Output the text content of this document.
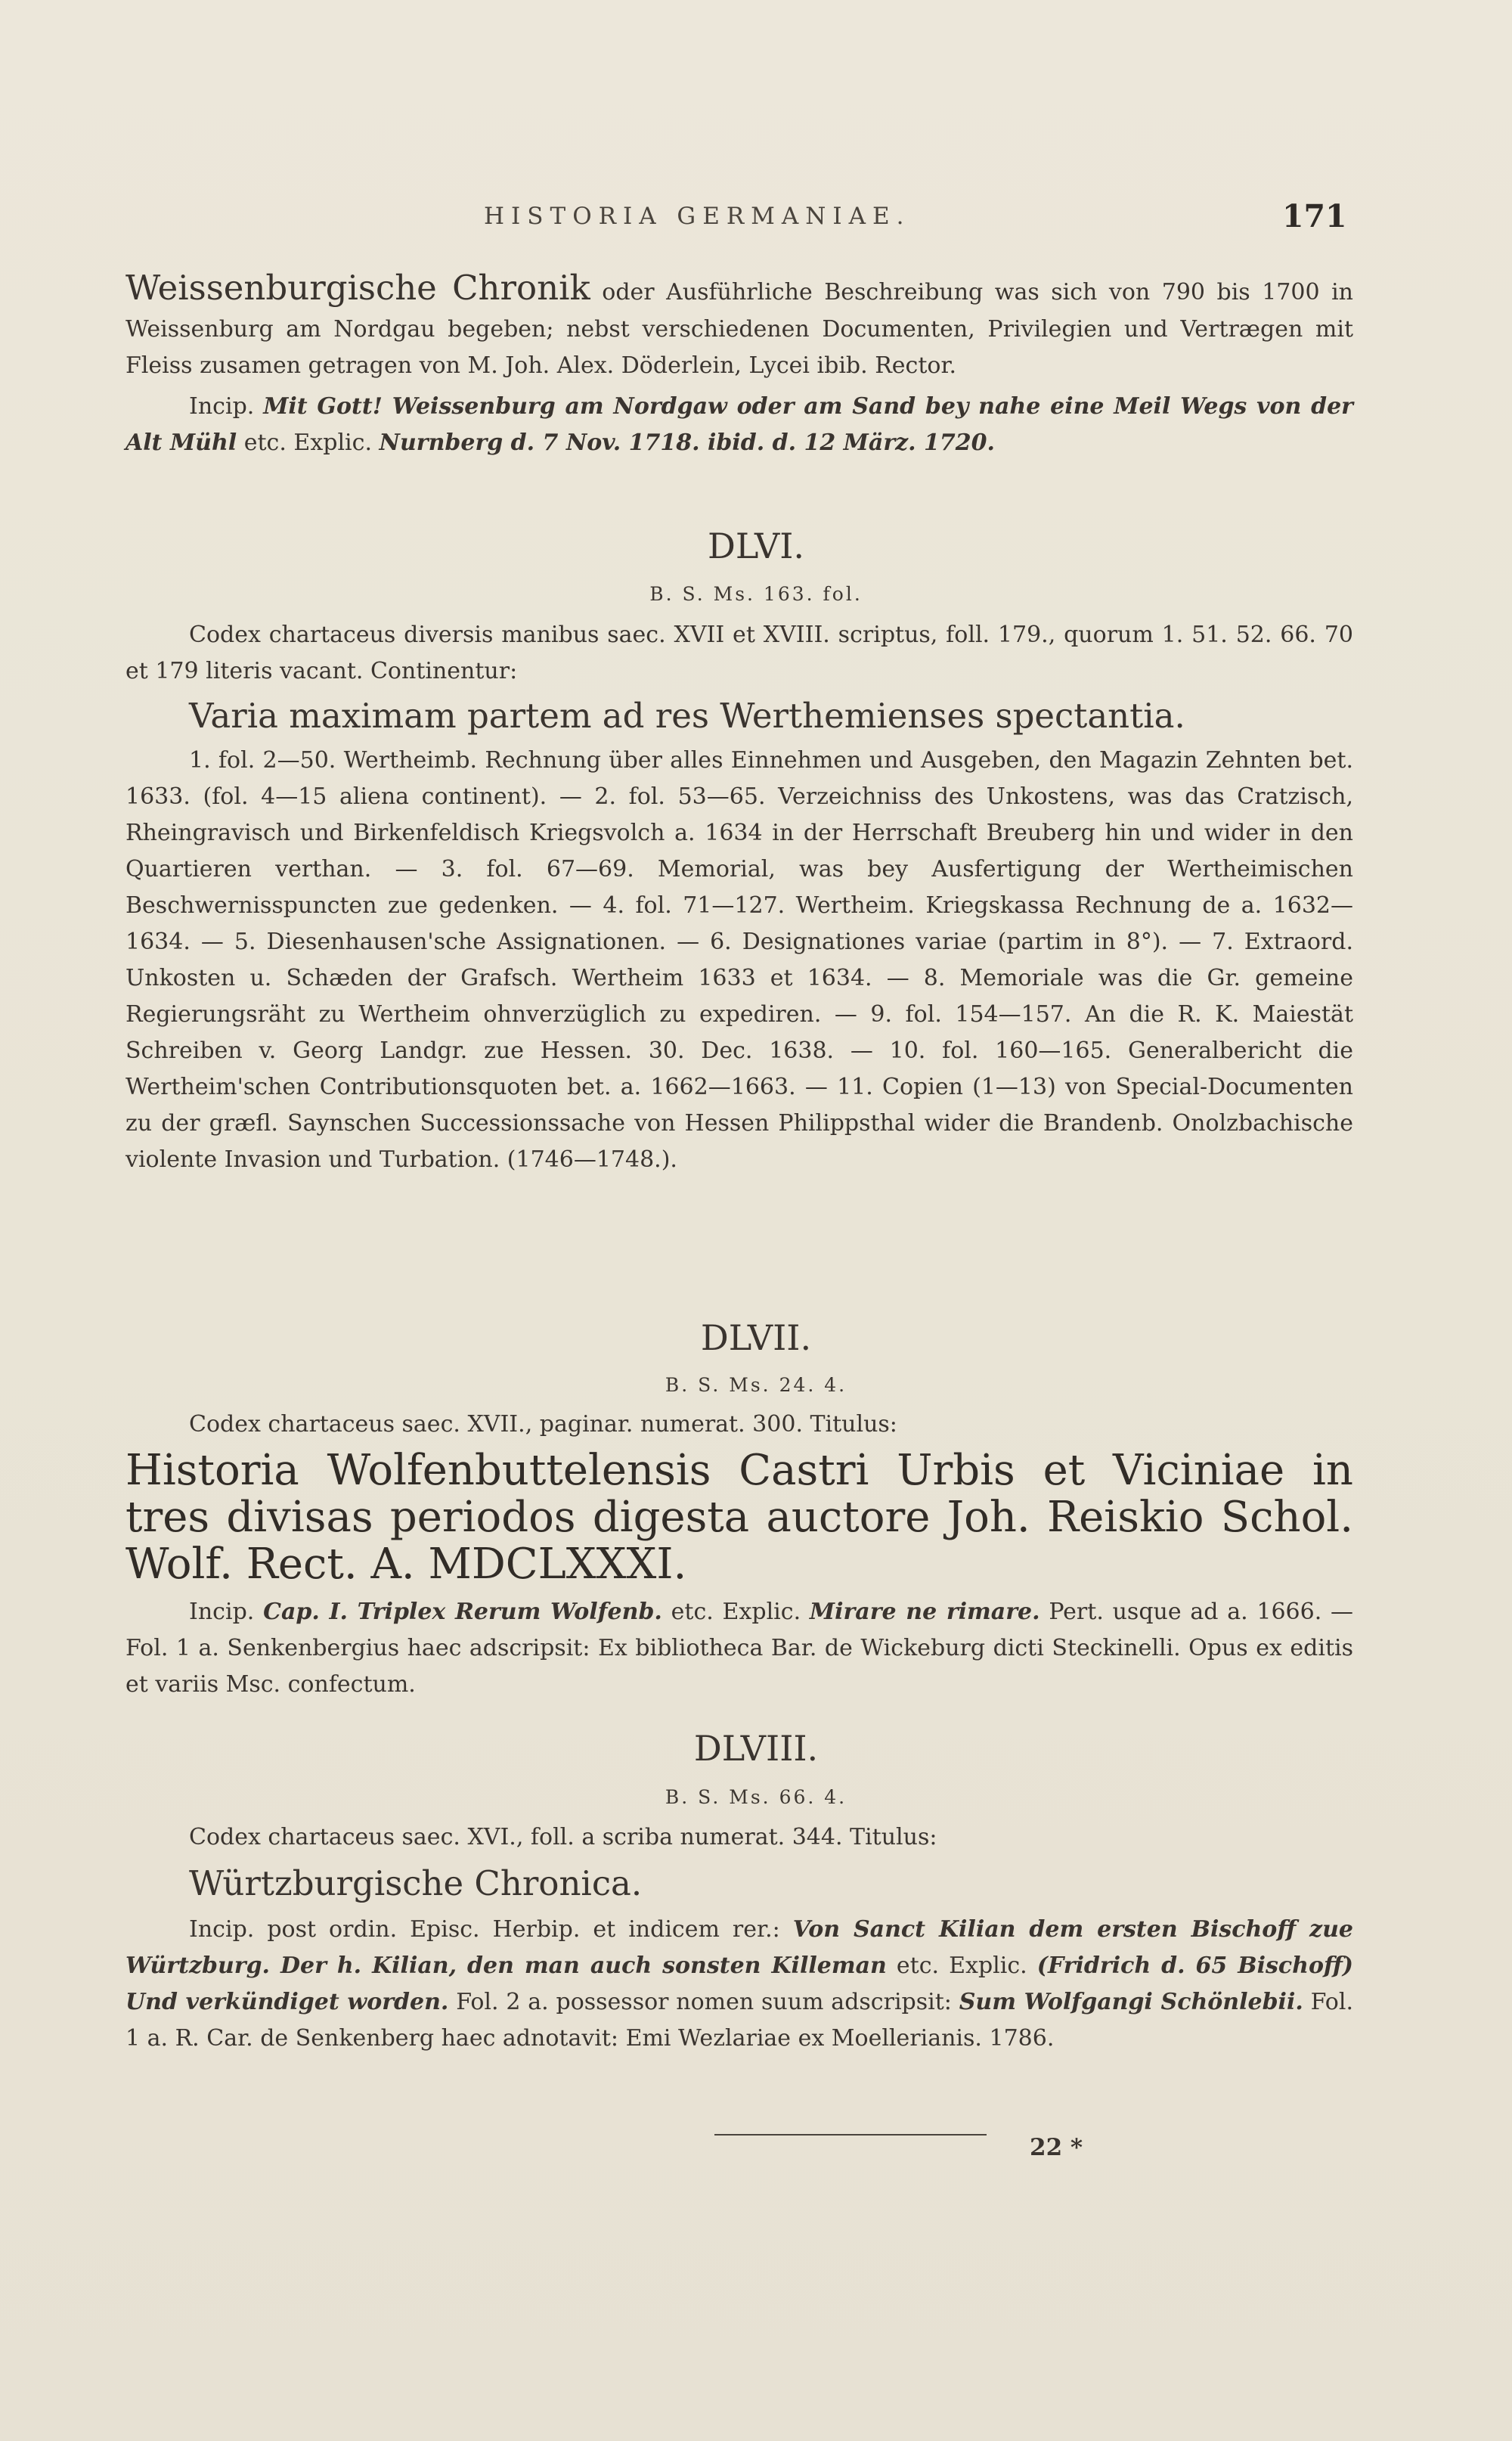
HISTORIA GERMANIAE.	171
Weissenburgische Chronik oder Ausführliche Beschreibung was sich von 790 bis 1700 in Weissenburg am Nordgau begeben; nebst verschiedenen Documenten, Privilegien und Vertrægen mit Fleiss zusamen getragen von M. Joh. Alex. Döderlein, Lycei ibib. Rector.
Incip. Mit Gott! Weissenburg am Nordgaw oder am Sand bey nahe eine Meil Wegs von der Alt Mühl etc. Explic. Nurnberg d. 7 Nov. 1718. ibid. d. 12 März. 1720.
DLVI.
B. S. Ms. 163. fol.
Codex chartaceus diversis manibus saec. XVII et XVIII. scriptus, foll. 179., quorum 1. 51. 52. 66. 70 et 179 literis vacant. Continentur:
Varia maximam partem ad res Werthemienses spectantia.
1. fol. 2—50. Wertheimb. Rechnung über alles Einnehmen und Ausgeben, den Magazin Zehnten bet. 1633. (fol. 4—15 aliena continent). — 2. fol. 53—65. Verzeichniss des Unkostens, was das Cratzisch, Rheingravisch und Birkenfeldisch Kriegsvolch a. 1634 in der Herrschaft Breuberg hin und wider in den Quartieren verthan. — 3. fol. 67—69. Memorial, was bey Ausfertigung der Wertheimischen Beschwernisspuncten zue gedenken. — 4. fol. 71—127. Wertheim. Kriegskassa Rechnung de a. 1632—1634. — 5. Diesenhausen'sche Assignationen. — 6. Designationes variae (partim in 8°). — 7. Extraord. Unkosten u. Schæden der Grafsch. Wertheim 1633 et 1634. — 8. Memoriale was die Gr. gemeine Regierungsräht zu Wertheim ohnverzüglich zu expediren. — 9. fol. 154—157. An die R. K. Maiestät Schreiben v. Georg Landgr. zue Hessen. 30. Dec. 1638. — 10. fol. 160—165. Generalbericht die Wertheim'schen Contributionsquoten bet. a. 1662—1663. — 11. Copien (1—13) von Special-Documenten zu der græfl. Saynschen Successionssache von Hessen Philippsthal wider die Brandenb. Onolzbachische violente Invasion und Turbation. (1746—1748.).
DLVII.
B. S. Ms. 24. 4.
Codex chartaceus saec. XVII., paginar. numerat. 300. Titulus:
Historia Wolfenbuttelensis Castri Urbis et Viciniae in tres divisas periodos digesta auctore Joh. Reiskio Schol. Wolf. Rect. A. MDCLXXXI.
Incip. Cap. I. Triplex Rerum Wolfenb. etc. Explic. Mirare ne rimare. Pert. usque ad a. 1666. — Fol. 1 a. Senkenbergius haec adscripsit: Ex bibliotheca Bar. de Wickeburg dicti Steckinelli. Opus ex editis et variis Msc. confectum.
DLVIII.
B. S. Ms. 66. 4.
Codex chartaceus saec. XVI., foll. a scriba numerat. 344. Titulus:
Würtzburgische Chronica.
Incip. post ordin. Episc. Herbip. et indicem rer.: Von Sanct Kilian dem ersten Bischoff zue Würtzburg. Der h. Kilian, den man auch sonsten Killeman etc. Explic. (Fridrich d. 65 Bischoff) Und verkündiget worden. Fol. 2 a. possessor nomen suum adscripsit: Sum Wolfgangi Schönlebii. Fol. 1 a. R. Car. de Senkenberg haec adnotavit: Emi Wezlariae ex Moellerianis. 1786.
22 *
